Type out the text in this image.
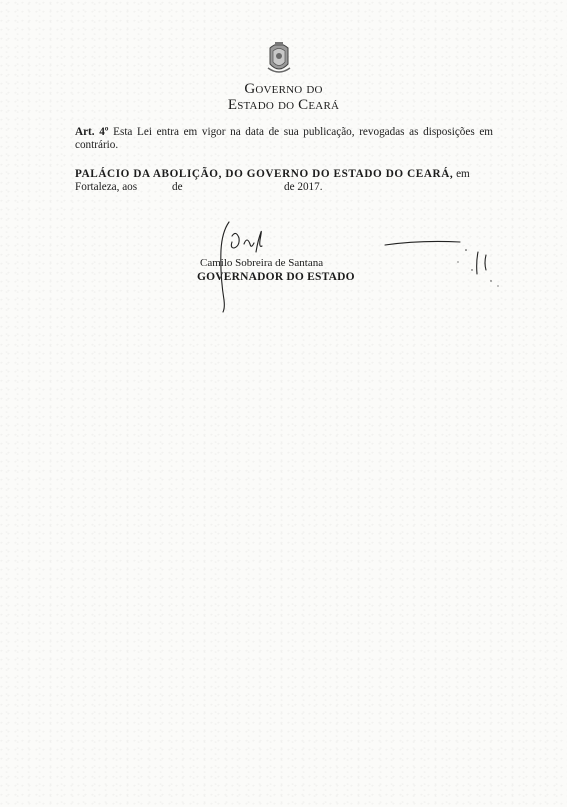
Governo do
Estado do Ceará
Art. 4º Esta Lei entra em vigor na data de sua publicação, revogadas as disposições em contrário.
PALÁCIO DA ABOLIÇÃO, DO GOVERNO DO ESTADO DO CEARÁ, em
Fortaleza, aos	de	de 2017.
Camilo Sobreira de Santana
GOVERNADOR DO ESTADO
